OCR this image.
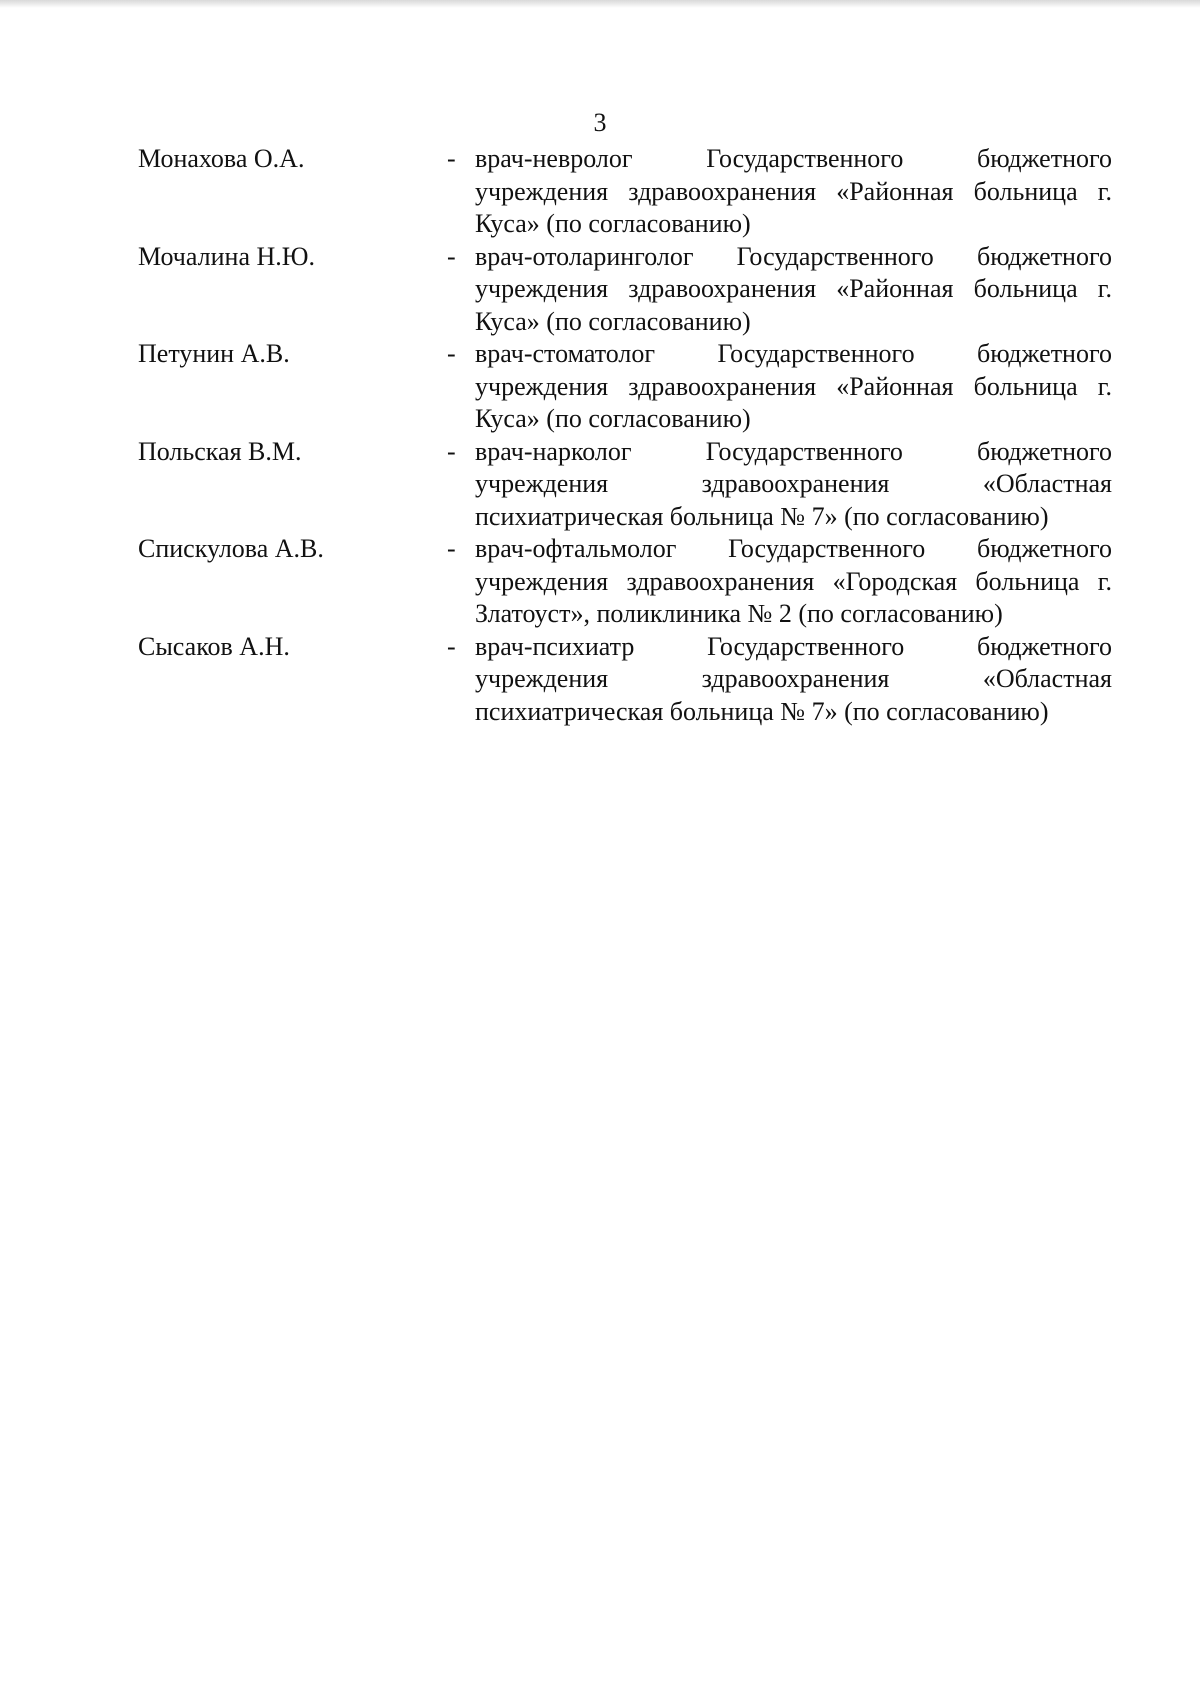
3
Монахова О.А.	- врач-невролог Государственного бюджетного учреждения здравоохранения «Районная больница г. Куса» (по согласованию)
Мочалина Н.Ю.	- врач-отоларинголог Государственного бюджетного учреждения здравоохранения «Районная больница г. Куса» (по согласованию)
Петунин А.В.	- врач-стоматолог Государственного бюджетного учреждения здравоохранения «Районная больница г. Куса» (по согласованию)
Польская В.М.	- врач-нарколог Государственного бюджетного учреждения здравоохранения «Областная психиатрическая больница № 7» (по согласованию)
Спискулова А.В.	- врач-офтальмолог Государственного бюджетного учреждения здравоохранения «Городская больница г. Златоуст», поликлиника № 2 (по согласованию)
Сысаков А.Н.	- врач-психиатр Государственного бюджетного учреждения здравоохранения «Областная психиатрическая больница № 7» (по согласованию)
